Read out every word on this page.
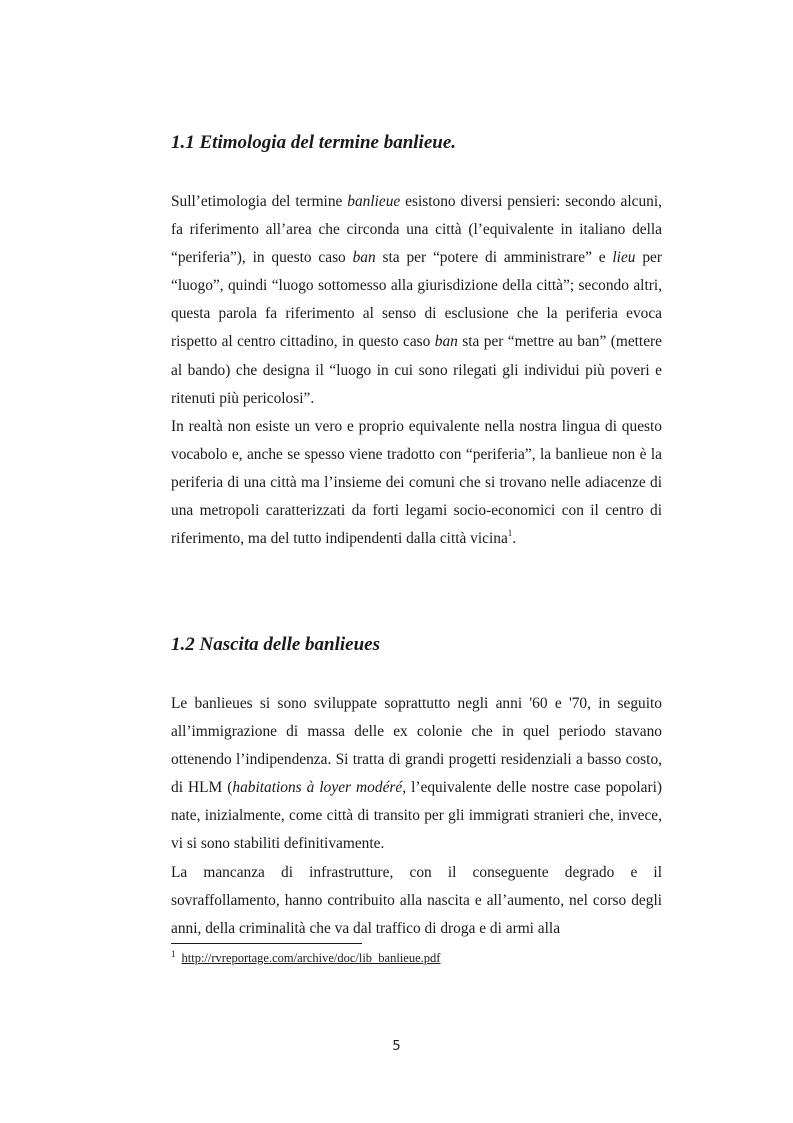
1.1 Etimologia del termine banlieue.

Sull’etimologia del termine banlieue esistono diversi pensieri: secondo alcuni, fa riferimento all’area che circonda una città (l’equivalente in italiano della “periferia”), in questo caso ban sta per “potere di amministrare” e lieu per “luogo”, quindi “luogo sottomesso alla giurisdizione della città”; secondo altri, questa parola fa riferimento al senso di esclusione che la periferia evoca rispetto al centro cittadino, in questo caso ban sta per “mettre au ban” (mettere al bando) che designa il “luogo in cui sono rilegati gli individui più poveri e ritenuti più pericolosi”.

In realtà non esiste un vero e proprio equivalente nella nostra lingua di questo vocabolo e, anche se spesso viene tradotto con “periferia”, la banlieue non è la periferia di una città ma l’insieme dei comuni che si trovano nelle adiacenze di una metropoli caratterizzati da forti legami socio-economici con il centro di riferimento, ma del tutto indipendenti dalla città vicina$^1$.

1.2 Nascita delle banlieues

Le banlieues si sono sviluppate soprattutto negli anni '60 e '70, in seguito all’immigrazione di massa delle ex colonie che in quel periodo stavano ottenendo l’indipendenza. Si tratta di grandi progetti residenziali a basso costo, di HLM (habitations à loyer modéré, l’equivalente delle nostre case popolari) nate, inizialmente, come città di transito per gli immigrati stranieri che, invece, vi si sono stabiliti definitivamente.

La mancanza di infrastrutture, con il conseguente degrado e il sovraffollamento, hanno contribuito alla nascita e all’aumento, nel corso degli anni, della criminalità che va dal traffico di droga e di armi alla

$^1$ http://rvreportage.com/archive/doc/lib_banlieue.pdf
5
